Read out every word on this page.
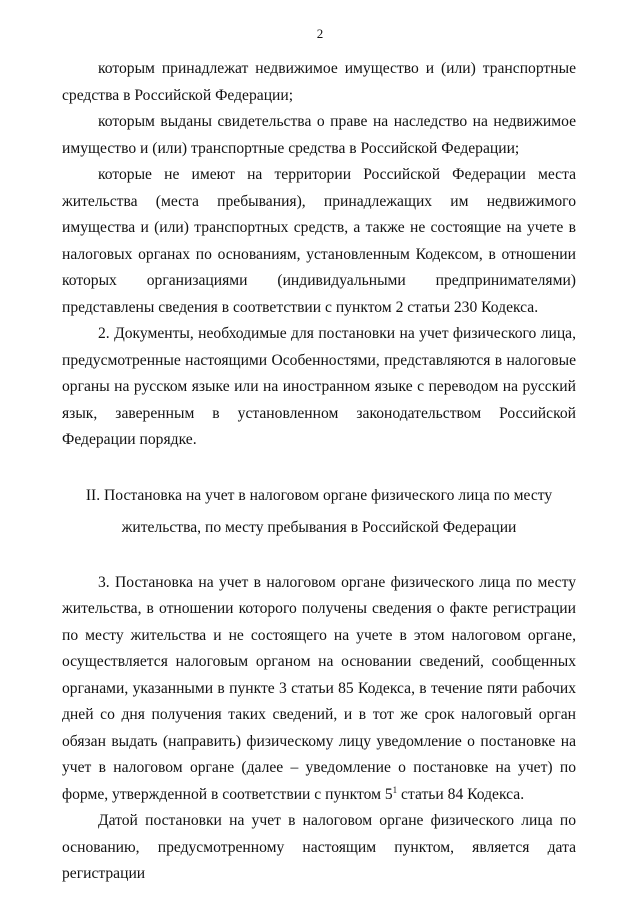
2

которым принадлежат недвижимое имущество и (или) транспортные средства в Российской Федерации;

которым выданы свидетельства о праве на наследство на недвижимое имущество и (или) транспортные средства в Российской Федерации;

которые не имеют на территории Российской Федерации места жительства (места пребывания), принадлежащих им недвижимого имущества и (или) транспортных средств, а также не состоящие на учете в налоговых органах по основаниям, установленным Кодексом, в отношении которых организациями (индивидуальными предпринимателями) представлены сведения в соответствии с пунктом 2 статьи 230 Кодекса.

2. Документы, необходимые для постановки на учет физического лица, предусмотренные настоящими Особенностями, представляются в налоговые органы на русском языке или на иностранном языке с переводом на русский язык, заверенным в установленном законодательством Российской Федерации порядке.

II. Постановка на учет в налоговом органе физического лица по месту
жительства, по месту пребывания в Российской Федерации

3. Постановка на учет в налоговом органе физического лица по месту жительства, в отношении которого получены сведения о факте регистрации по месту жительства и не состоящего на учете в этом налоговом органе, осуществляется налоговым органом на основании сведений, сообщенных органами, указанными в пункте 3 статьи 85 Кодекса, в течение пяти рабочих дней со дня получения таких сведений, и в тот же срок налоговый орган обязан выдать (направить) физическому лицу уведомление о постановке на учет в налоговом органе (далее – уведомление о постановке на учет) по форме, утвержденной в соответствии с пунктом $5^1$ статьи 84 Кодекса.

Датой постановки на учет в налоговом органе физического лица по основанию, предусмотренному настоящим пунктом, является дата регистрации
